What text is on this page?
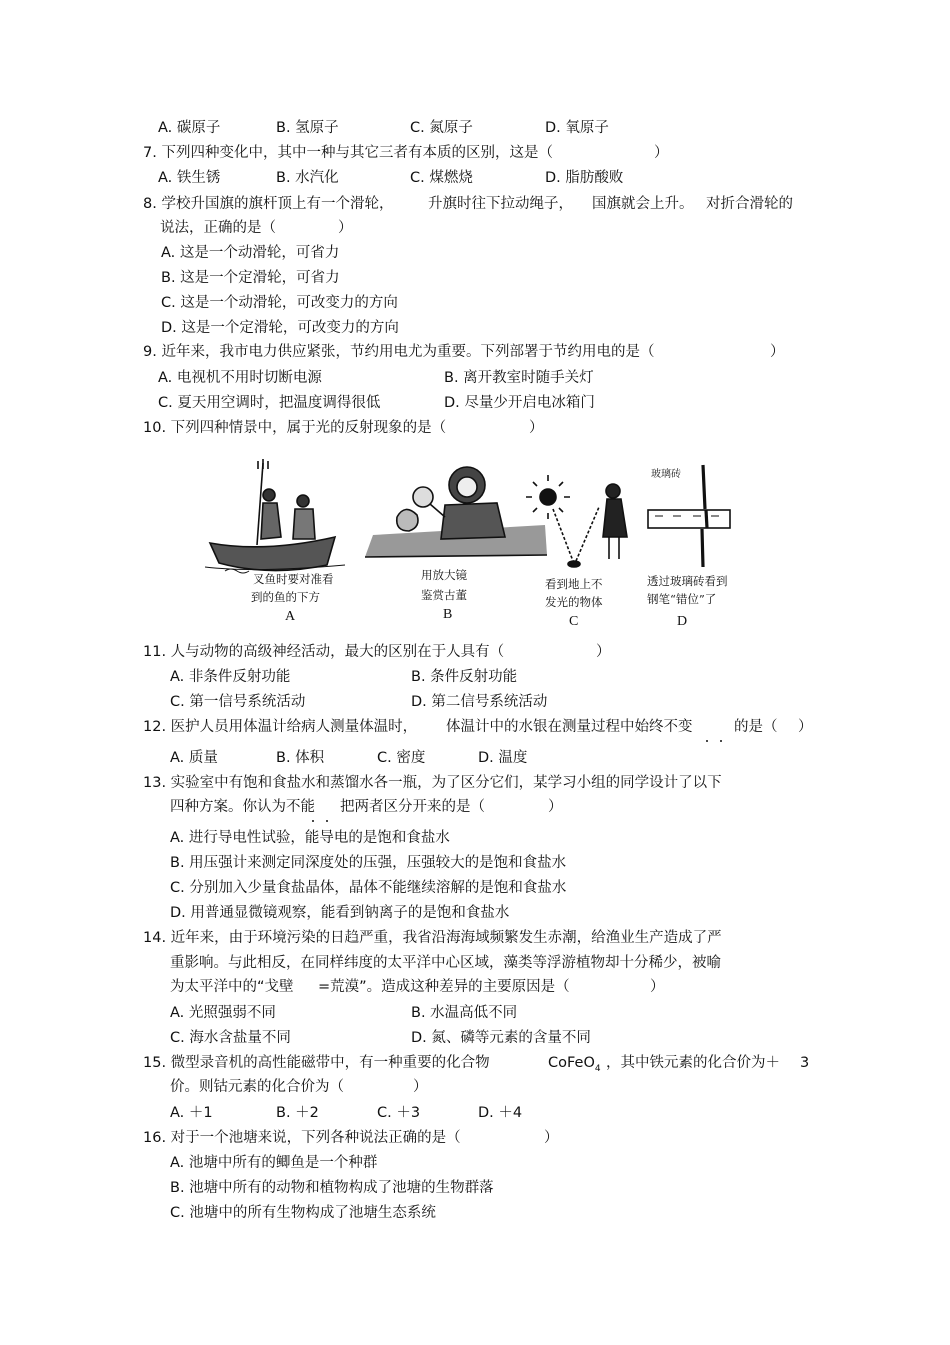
A. 碳原子	B. 氢原子	C. 氮原子	D. 氧原子
7. 下列四种变化中，其中一种与其它三者有本质的区别，这是（	）
A. 铁生锈	B. 水汽化	C. 煤燃烧	D. 脂肪酸败
8. 学校升国旗的旗杆顶上有一个滑轮， 升旗时往下拉动绳子， 国旗就会上升。 对折合滑轮的
说法，正确的是（	）
A. 这是一个动滑轮，可省力
B. 这是一个定滑轮，可省力
C. 这是一个动滑轮，可改变力的方向
D. 这是一个定滑轮，可改变力的方向
9. 近年来，我市电力供应紧张，节约用电尤为重要。下列部署于节约用电的是（	）
A. 电视机不用时切断电源	B. 离开教室时随手关灯
C. 夏天用空调时，把温度调得很低	D. 尽量少开启电冰箱门
10. 下列四种情景中，属于光的反射现象的是（	）
叉鱼时要对准看
到的鱼的下方
A
用放大镜
鉴赏古董
B
看到地上不
发光的物体
C
透过玻璃砖看到
钢笔“错位”了
D
玻璃砖
11. 人与动物的高级神经活动，最大的区别在于人具有（	）
A. 非条件反射功能	B. 条件反射功能
C. 第一信号系统活动	D. 第二信号系统活动
12. 医护人员用体温计给病人测量体温时， 体温计中的水银在测量过程中始终不变	的是（ ）
A. 质量	B. 体积	C. 密度	D. 温度
13. 实验室中有饱和食盐水和蒸馏水各一瓶，为了区分它们，某学习小组的同学设计了以下
四种方案。你认为不能 把两者区分开来的是（	）
A. 进行导电性试验，能导电的是饱和食盐水
B. 用压强计来测定同深度处的压强，压强较大的是饱和食盐水
C. 分别加入少量食盐晶体，晶体不能继续溶解的是饱和食盐水
D. 用普通显微镜观察，能看到钠离子的是饱和食盐水
14. 近年来，由于环境污染的日趋严重，我省沿海海域频繁发生赤潮，给渔业生产造成了严
重影响。与此相反，在同样纬度的太平洋中心区域，藻类等浮游植物却十分稀少，被喻
为太平洋中的“戈壁 =荒漠”。造成这种差异的主要原因是（	）
A. 光照强弱不同	B. 水温高低不同
C. 海水含盐量不同	D. 氮、磷等元素的含量不同
15. 微型录音机的高性能磁带中，有一种重要的化合物	CoFeO$_4$ ，其中铁元素的化合价为＋ 3
价。则钴元素的化合价为（	）
A. ＋1	B. ＋2	C. ＋3	D. ＋4
16. 对于一个池塘来说，下列各种说法正确的是（	）
A. 池塘中所有的鲫鱼是一个种群
B. 池塘中所有的动物和植物构成了池塘的生物群落
C. 池塘中的所有生物构成了池塘生态系统
